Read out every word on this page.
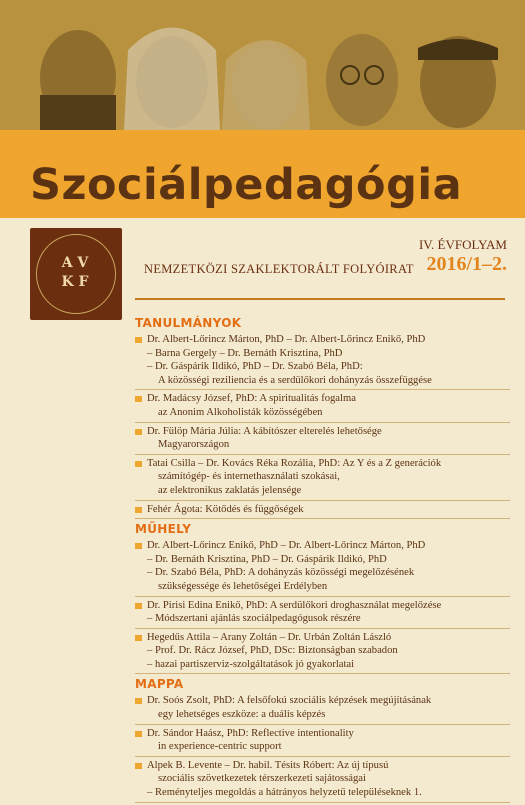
Szociálpedagógia
A V K F
IV. ÉVFOLYAM
2016/1–2.
NEMZETKÖZI SZAKLEKTORÁLT FOLYÓIRAT
TANULMÁNYOK
Dr. Albert-Lőrincz Márton, PhD – Dr. Albert-Lőrincz Enikő, PhD
– Barna Gergely – Dr. Bernáth Krisztina, PhD
– Dr. Gáspárik Ildikó, PhD – Dr. Szabó Béla, PhD:
A közösségi reziliencia és a serdülőkori dohányzás összefüggése
Dr. Madácsy József, PhD: A spiritualitás fogalma
az Anonim Alkoholisták közösségében
Dr. Fülöp Mária Júlia: A kábítószer elterelés lehetősége
Magyarországon
Tatai Csilla – Dr. Kovács Réka Rozália, PhD: Az Y és a Z generációk
számítógép- és internethasználati szokásai,
az elektronikus zaklatás jelensége
Fehér Ágota: Kötődés és függőségek
MŰHELY
Dr. Albert-Lőrincz Enikő, PhD – Dr. Albert-Lőrincz Márton, PhD
– Dr. Bernáth Krisztina, PhD – Dr. Gáspárik Ildikó, PhD
– Dr. Szabó Béla, PhD: A dohányzás közösségi megelőzésének
szükségessége és lehetőségei Erdélyben
Dr. Pirisi Edina Enikő, PhD: A serdülőkori droghasználat megelőzése
– Módszertani ajánlás szociálpedagógusok részére
Hegedűs Attila – Arany Zoltán – Dr. Urbán Zoltán László
– Prof. Dr. Rácz József, PhD, DSc: Biztonságban szabadon
– hazai partiszerviz-szolgáltatások jó gyakorlatai
MAPPA
Dr. Soós Zsolt, PhD: A felsőfokú szociális képzések megújításának
egy lehetséges eszköze: a duális képzés
Dr. Sándor Haász, PhD: Reflective intentionality
in experience-centric support
Alpek B. Levente – Dr. habil. Tésits Róbert: Az új típusú
szociális szövetkezetek térszerkezeti sajátosságai
– Reményteljes megoldás a hátrányos helyzetű településeknek 1.
